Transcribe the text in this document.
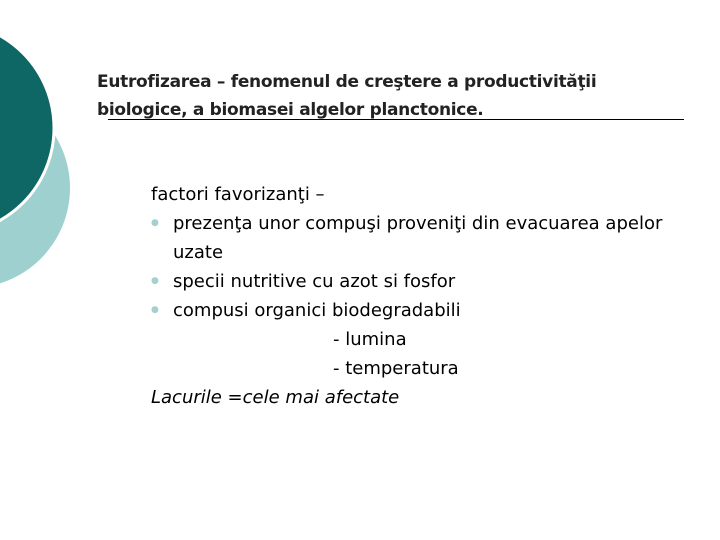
Eutrofizarea – fenomenul de creştere a productivităţii
biologice, a biomasei algelor planctonice.
factori favorizanţi –
● prezenţa unor compuşi proveniţi din evacuarea apelor uzate
● specii nutritive cu azot si fosfor
● compusi organici biodegradabili
- lumina
- temperatura
Lacurile =cele mai afectate
